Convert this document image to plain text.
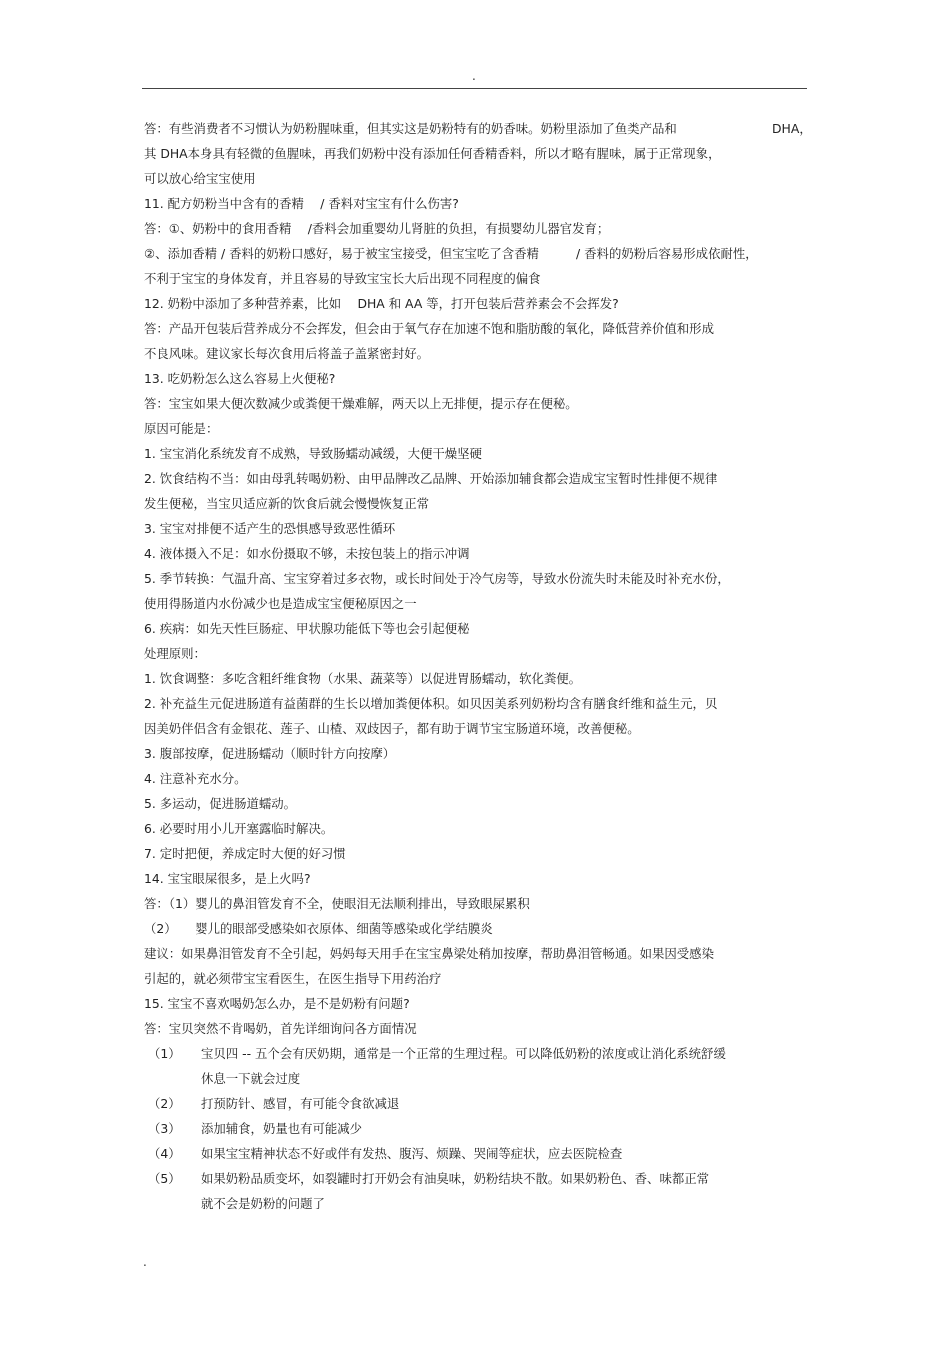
.
答：有些消费者不习惯认为奶粉腥味重，但其实这是奶粉特有的奶香味。奶粉里添加了鱼类产品和	DHA，
其 DHA本身具有轻微的鱼腥味，再我们奶粉中没有添加任何香精香料，所以才略有腥味，属于正常现象，
可以放心给宝宝使用
11. 配方奶粉当中含有的香精　 / 香料对宝宝有什么伤害?
答：①、奶粉中的食用香精　 /香料会加重婴幼儿肾脏的负担，有损婴幼儿器官发育；
②、添加香精 / 香料的奶粉口感好，易于被宝宝接受，但宝宝吃了含香精　　　/ 香料的奶粉后容易形成依耐性，
不利于宝宝的身体发育，并且容易的导致宝宝长大后出现不同程度的偏食
12. 奶粉中添加了多种营养素，比如　 DHA 和 AA 等，打开包装后营养素会不会挥发?
答：产品开包装后营养成分不会挥发，但会由于氧气存在加速不饱和脂肪酸的氧化，降低营养价值和形成
不良风味。建议家长每次食用后将盖子盖紧密封好。
13. 吃奶粉怎么这么容易上火便秘?
答：宝宝如果大便次数减少或粪便干燥难解，两天以上无排便，提示存在便秘。
原因可能是：
1. 宝宝消化系统发育不成熟，导致肠蠕动减缓，大便干燥坚硬
2. 饮食结构不当：如由母乳转喝奶粉、由甲品牌改乙品牌、开始添加辅食都会造成宝宝暂时性排便不规律
发生便秘，当宝贝适应新的饮食后就会慢慢恢复正常
3. 宝宝对排便不适产生的恐惧感导致恶性循环
4. 液体摄入不足：如水份摄取不够，未按包装上的指示冲调
5. 季节转换：气温升高、宝宝穿着过多衣物，或长时间处于冷气房等，导致水份流失时未能及时补充水份，
使用得肠道内水份减少也是造成宝宝便秘原因之一
6. 疾病：如先天性巨肠症、甲状腺功能低下等也会引起便秘
处理原则：
1. 饮食调整：多吃含粗纤维食物（水果、蔬菜等）以促进胃肠蠕动，软化粪便。
2. 补充益生元促进肠道有益菌群的生长以增加粪便体积。如贝因美系列奶粉均含有膳食纤维和益生元，贝
因美奶伴侣含有金银花、莲子、山楂、双歧因子，都有助于调节宝宝肠道环境，改善便秘。
3. 腹部按摩，促进肠蠕动（顺时针方向按摩）
4. 注意补充水分。
5. 多运动，促进肠道蠕动。
6. 必要时用小儿开塞露临时解决。
7. 定时把便，养成定时大便的好习惯
14. 宝宝眼屎很多，是上火吗?
答：（1）婴儿的鼻泪管发育不全，使眼泪无法顺利排出，导致眼屎累积
（2）　　婴儿的眼部受感染如衣原体、细菌等感染或化学结膜炎
建议：如果鼻泪管发育不全引起，妈妈每天用手在宝宝鼻梁处稍加按摩，帮助鼻泪管畅通。如果因受感染
引起的，就必须带宝宝看医生，在医生指导下用药治疗
15. 宝宝不喜欢喝奶怎么办，是不是奶粉有问题?
答：宝贝突然不肯喝奶，首先详细询问各方面情况
（1） 宝贝四 -- 五个会有厌奶期，通常是一个正常的生理过程。可以降低奶粉的浓度或让消化系统舒缓
休息一下就会过度
（2） 打预防针、感冒，有可能令食欲减退
（3） 添加辅食，奶量也有可能减少
（4） 如果宝宝精神状态不好或伴有发热、腹泻、烦躁、哭闹等症状，应去医院检查
（5） 如果奶粉品质变坏，如裂罐时打开奶会有油臭味，奶粉结块不散。如果奶粉色、香、味都正常
就不会是奶粉的问题了
.
